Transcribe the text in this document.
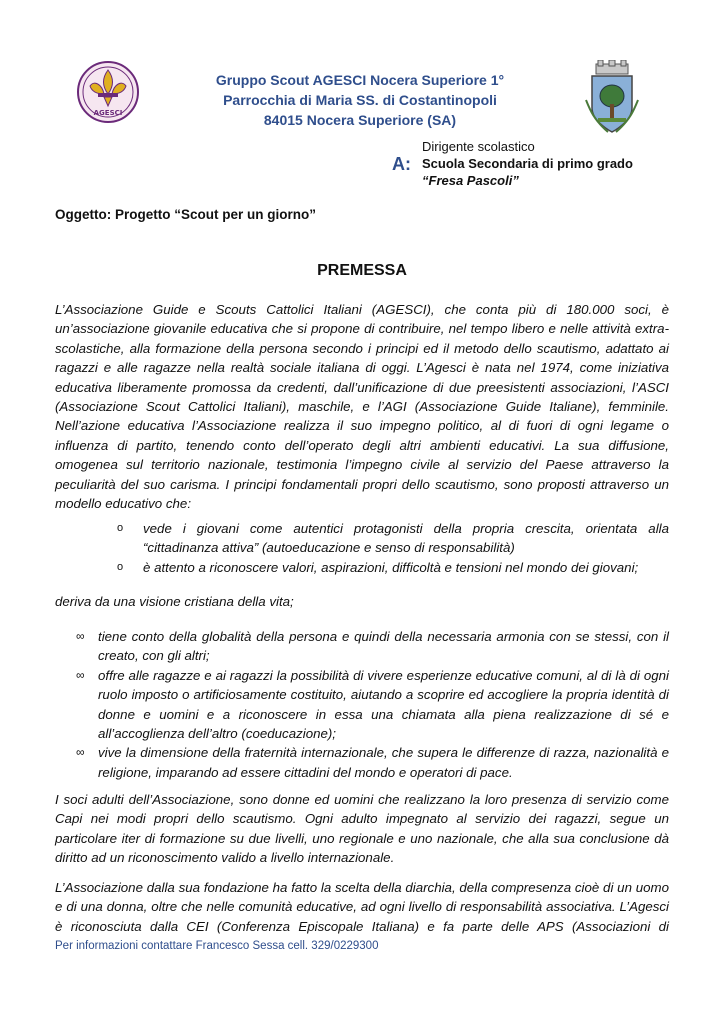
AGESCI
Gruppo Scout AGESCI Nocera Superiore 1°
Parrocchia di Maria SS. di Costantinopoli
84015 Nocera Superiore (SA)
A:
Dirigente scolastico
Scuola Secondaria di primo grado
“Fresa Pascoli”
Oggetto: Progetto “Scout per un giorno”
PREMESSA
L’Associazione Guide e Scouts Cattolici Italiani (AGESCI), che conta più di 180.000 soci, è un’associazione giovanile educativa che si propone di contribuire, nel tempo libero e nelle attività extra-scolastiche, alla formazione della persona secondo i principi ed il metodo dello scautismo, adattato ai ragazzi e alle ragazze nella realtà sociale italiana di oggi. L’Agesci è nata nel 1974, come iniziativa educativa liberamente promossa da credenti, dall’unificazione di due preesistenti associazioni, l’ASCI (Associazione Scout Cattolici Italiani), maschile, e l’AGI (Associazione Guide Italiane), femminile. Nell’azione educativa l’Associazione realizza il suo impegno politico, al di fuori di ogni legame o influenza di partito, tenendo conto dell’operato degli altri ambienti educativi. La sua diffusione, omogenea sul territorio nazionale, testimonia l’impegno civile al servizio del Paese attraverso la peculiarità del suo carisma. I principi fondamentali propri dello scautismo, sono proposti attraverso un modello educativo che:
o vede i giovani come autentici protagonisti della propria crescita, orientata alla “cittadinanza attiva” (autoeducazione e senso di responsabilità)
o è attento a riconoscere valori, aspirazioni, difficoltà e tensioni nel mondo dei giovani;
deriva da una visione cristiana della vita;
∞ tiene conto della globalità della persona e quindi della necessaria armonia con se stessi, con il creato, con gli altri;
∞ offre alle ragazze e ai ragazzi la possibilità di vivere esperienze educative comuni, al di là di ogni ruolo imposto o artificiosamente costituito, aiutando a scoprire ed accogliere la propria identità di donne e uomini e a riconoscere in essa una chiamata alla piena realizzazione di sé e all’accoglienza dell’altro (coeducazione);
∞ vive la dimensione della fraternità internazionale, che supera le differenze di razza, nazionalità e religione, imparando ad essere cittadini del mondo e operatori di pace.
I soci adulti dell’Associazione, sono donne ed uomini che realizzano la loro presenza di servizio come Capi nei modi propri dello scautismo. Ogni adulto impegnato al servizio dei ragazzi, segue un particolare iter di formazione su due livelli, uno regionale e uno nazionale, che alla sua conclusione dà diritto ad un riconoscimento valido a livello internazionale.
L’Associazione dalla sua fondazione ha fatto la scelta della diarchia, della compresenza cioè di un uomo e di una donna, oltre che nelle comunità educative, ad ogni livello di responsabilità associativa. L’Agesci è riconosciuta dalla CEI (Conferenza Episcopale Italiana) e fa parte delle APS (Associazioni di
Per informazioni contattare Francesco Sessa cell. 329/0229300
